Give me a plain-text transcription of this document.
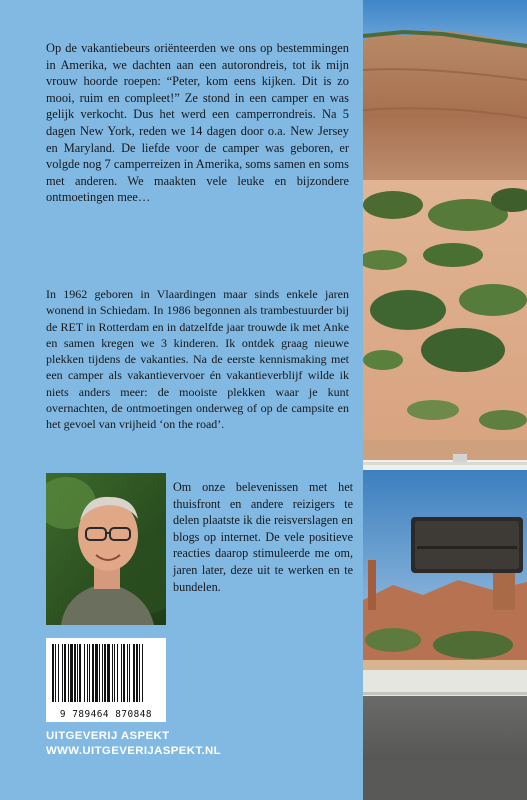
Op de vakantiebeurs oriënteerden we ons op bestemmingen in Amerika, we dachten aan een autorondreis, tot ik mijn vrouw hoorde roepen: “Peter, kom eens kijken. Dit is zo mooi, ruim en compleet!” Ze stond in een camper en was gelijk verkocht. Dus het werd een camperrondreis. Na 5 dagen New York, reden we 14 dagen door o.a. New Jersey en Maryland. De liefde voor de camper was geboren, er volgde nog 7 camperreizen in Amerika, soms samen en soms met anderen. We maakten vele leuke en bijzondere ontmoetingen mee…

In 1962 geboren in Vlaardingen maar sinds enkele jaren wonend in Schiedam. In 1986 begonnen als trambestuurder bij de RET in Rotterdam en in datzelfde jaar trouwde ik met Anke en samen kregen we 3 kinderen. Ik ontdek graag nieuwe plekken tijdens de vakanties. Na de eerste kennismaking met een camper als vakantievervoer én vakantieverblijf wilde ik niets anders meer: de mooiste plekken waar je kunt overnachten, de ontmoetingen onderweg of op de campsite en het gevoel van vrijheid ‘on the road’.

Om onze belevenissen met het thuisfront en andere reizigers te delen plaatste ik die reisverslagen en blogs op internet. De vele positieve reacties daarop stimuleerde me om, jaren later, deze uit te werken en te bundelen.
9 789464 870848
UITGEVERIJ ASPEKT
WWW.UITGEVERIJASPEKT.NL
